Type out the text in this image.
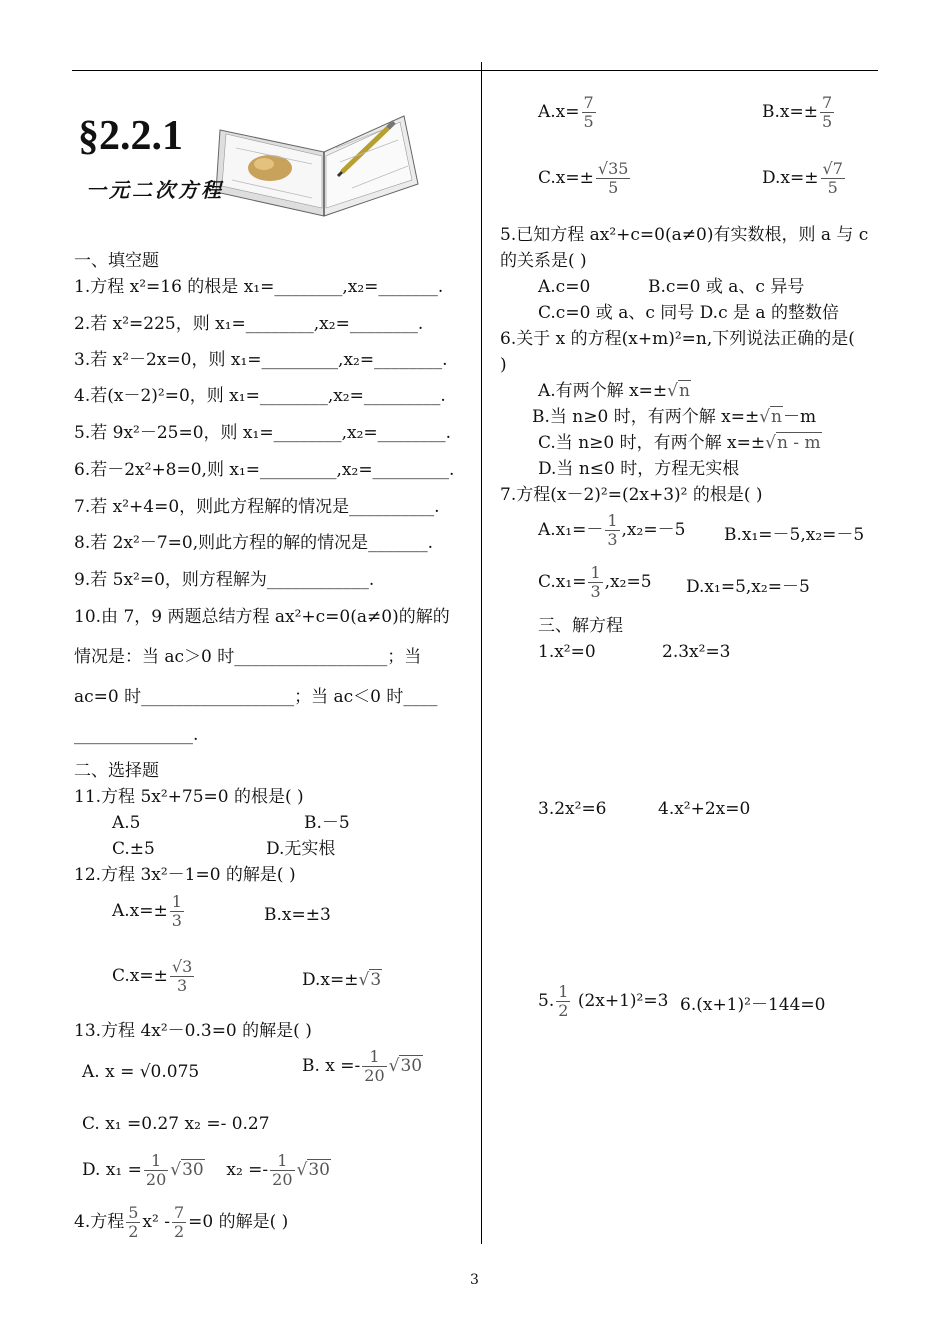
§2.2.1
一元二次方程
一、填空题
1.方程 x²=16 的根是 x₁=________,x₂=_______.
2.若 x²=225，则 x₁=________,x₂=________.
3.若 x²－2x=0，则 x₁=_________,x₂=________.
4.若(x－2)²=0，则 x₁=________,x₂=_________.
5.若 9x²－25=0，则 x₁=________,x₂=________.
6.若－2x²+8=0,则 x₁=_________,x₂=_________.
7.若 x²+4=0，则此方程解的情况是__________.
8.若 2x²－7=0,则此方程的解的情况是_______.
9.若 5x²=0，则方程解为____________.
10.由 7，9 两题总结方程 ax²+c=0(a≠0)的解的
情况是：当 ac＞0 时__________________；当
ac=0 时__________________；当 ac＜0 时____
______________.
二、选择题
11.方程 5x²+75=0 的根是( )
A.5	B.－5
C.±5	D.无实根
12.方程 3x²－1=0 的解是( )
$A.x=\pm \frac{1}{3}$	B.x=±3
$C.x=\pm \frac{√3}{3}$	D.x=±√3
13.方程 4x²－0.3=0 的解是( )
A. x = √0.075	B. $x =- \frac{1}{20} √30$
C. x₁ =0.27 x₂ =- 0.27
D. $x_1 = \frac{1}{20} √30$ $x_2 =- \frac{1}{20} √30$
4.方程 $\frac{5}{2} x^2 - \frac{7}{2} =0$ 的解是( )
$A.x= \frac{7}{5}$	$B.x=\pm \frac{7}{5}$
$C.x=\pm \frac{√35}{5}$	$D.x=\pm \frac{√7}{5}$
5.已知方程 ax²+c=0(a≠0)有实数根，则 a 与 c
的关系是( )
A.c=0	B.c=0 或 a、c 异号
C.c=0 或 a、c 同号 D.c 是 a 的整数倍
6.关于 x 的方程(x+m)²=n,下列说法正确的是(
)
A.有两个解 x=±√n
B.当 n≥0 时，有两个解 x=±√n－m
C.当 n≥0 时，有两个解 x=±√n - m
D.当 n≤0 时，方程无实根
7.方程(x－2)²=(2x+3)² 的根是( )
$A.x_1=- \frac{1}{3} ,x_2=-5$ B.x₁=－5,x₂=－5
$C.x_1= \frac{1}{3} ,x_2=5$ D.x₁=5,x₂=－5
三、解方程
1.x²=0	2.3x²=3
3.2x²=6	4.x²+2x=0
5. $\frac{1}{2} (2x+1)^2=3$ 6.(x+1)²－144=0
3
